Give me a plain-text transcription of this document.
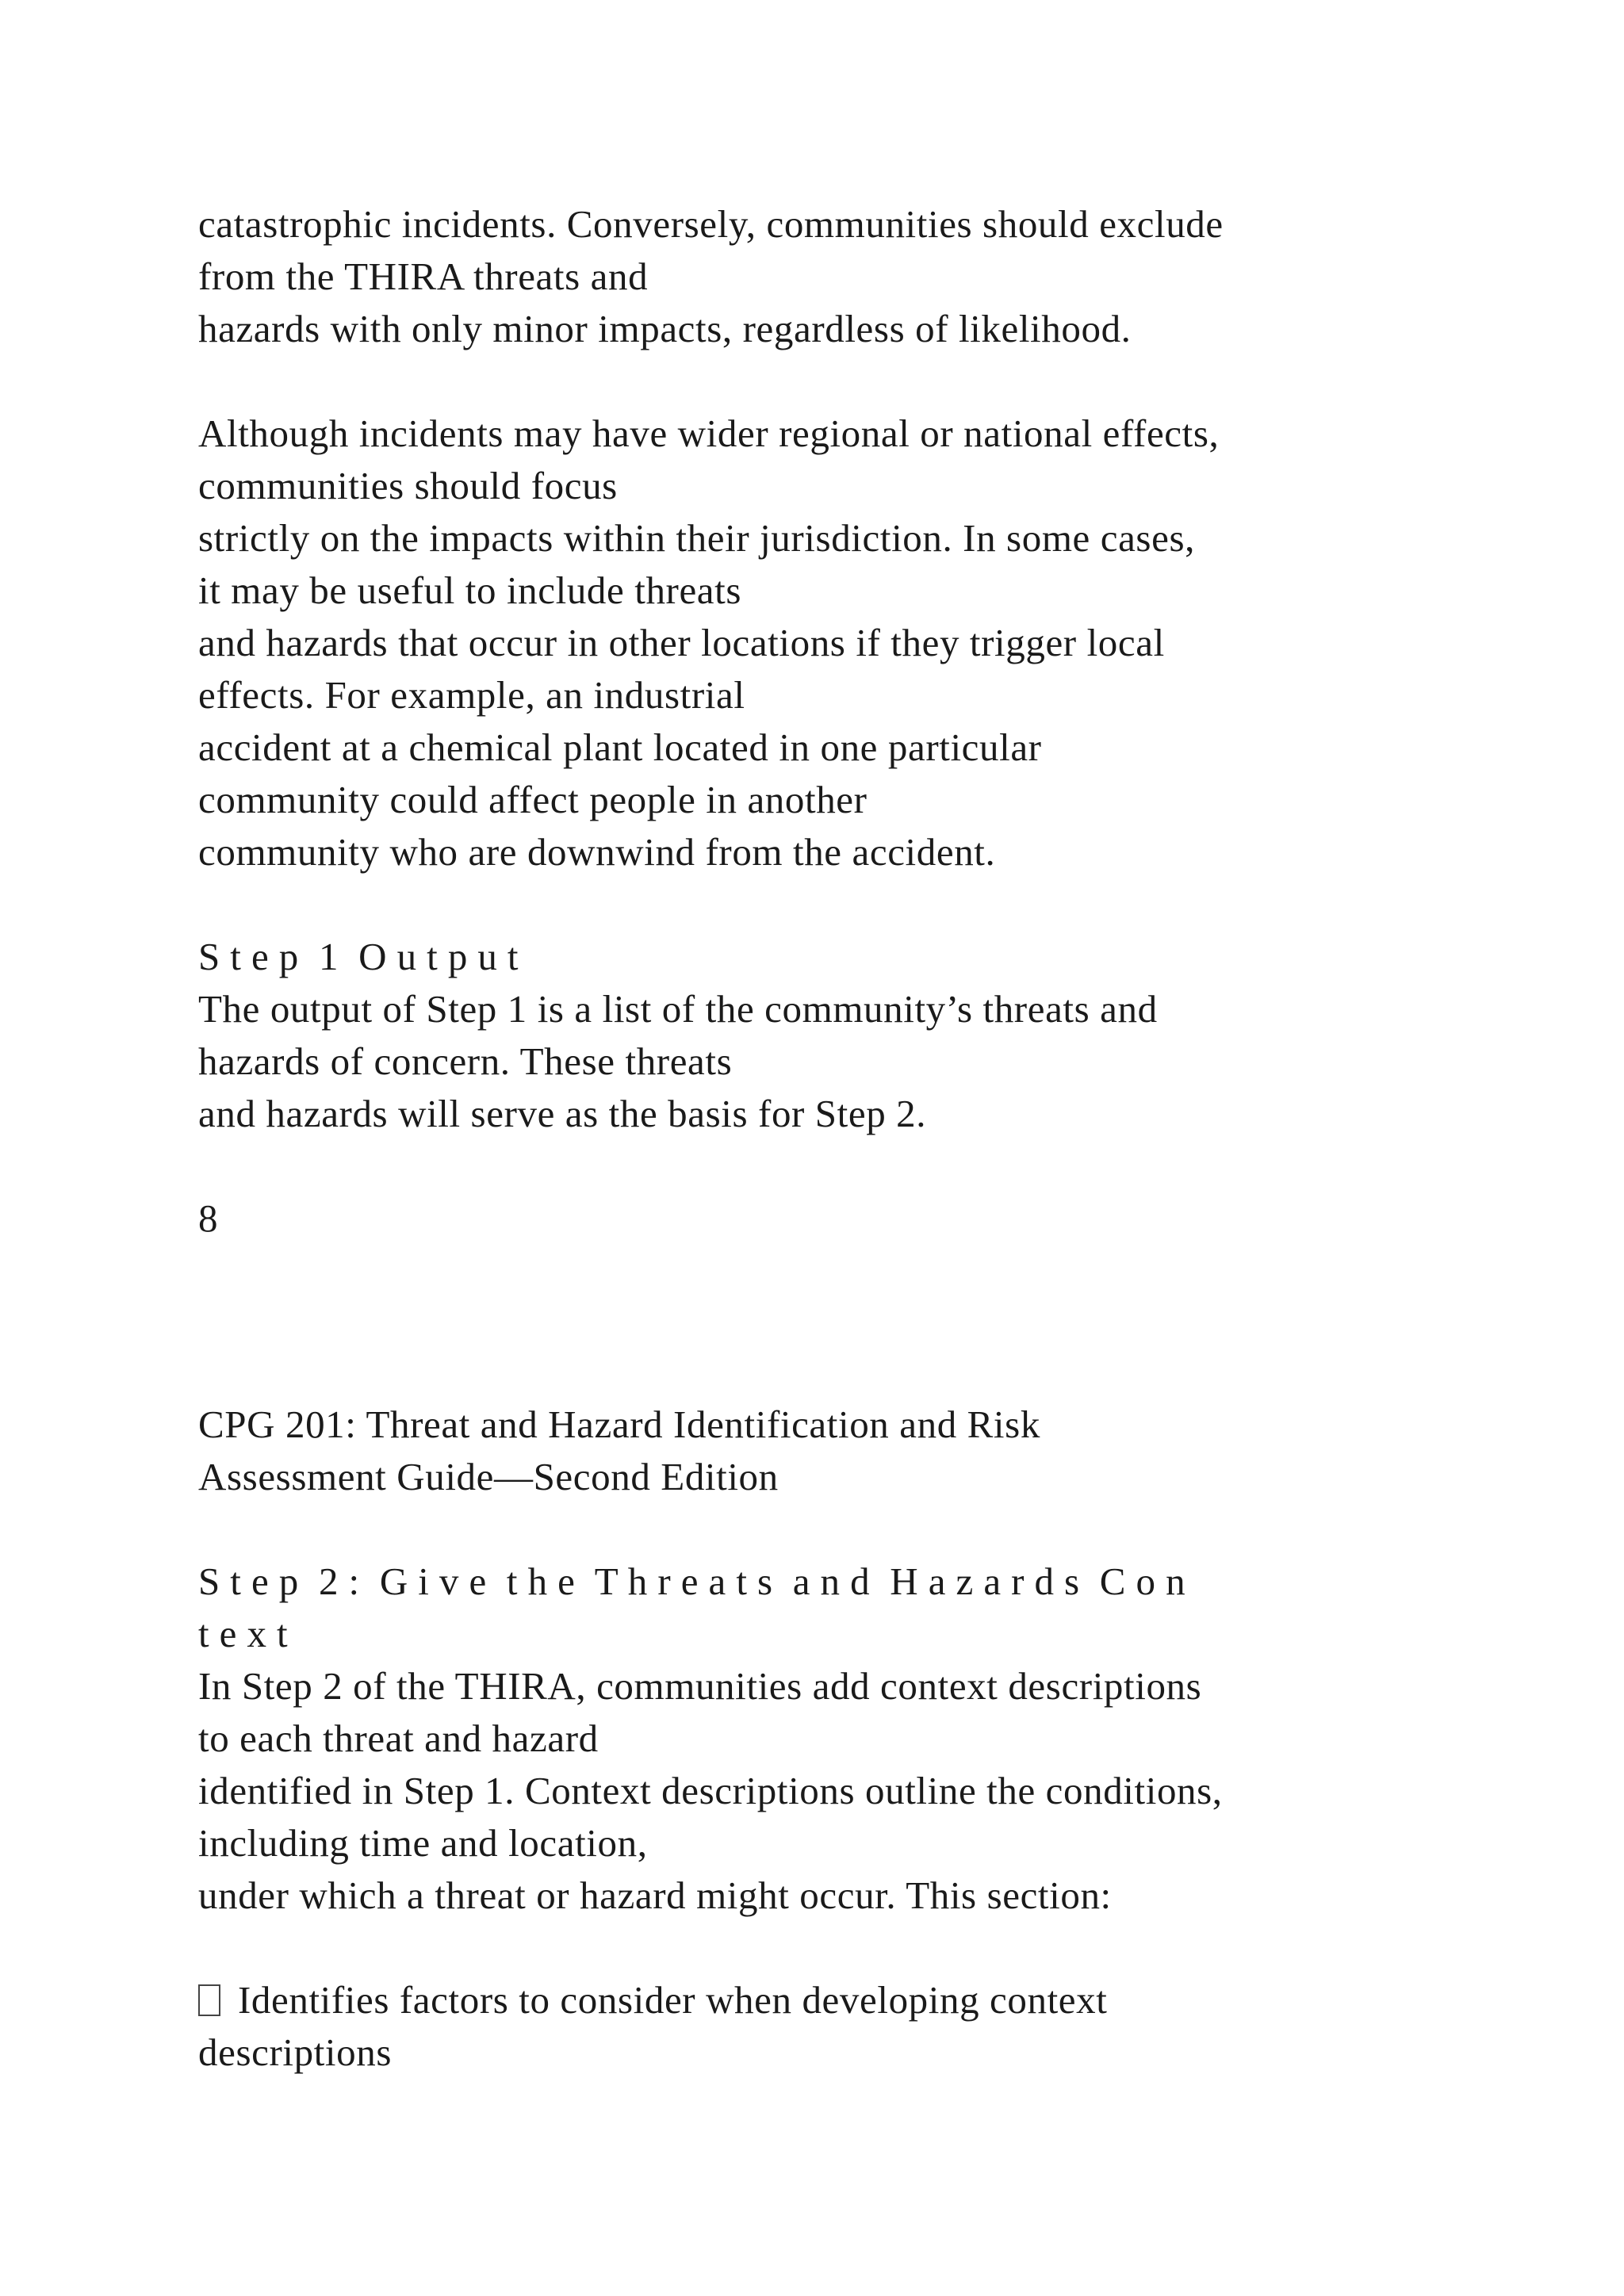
catastrophic incidents. Conversely, communities should exclude
from the THIRA threats and
hazards with only minor impacts, regardless of likelihood.
Although incidents may have wider regional or national effects,
communities should focus
strictly on the impacts within their jurisdiction. In some cases,
it may be useful to include threats
and hazards that occur in other locations if they trigger local
effects. For example, an industrial
accident at a chemical plant located in one particular
community could affect people in another
community who are downwind from the accident.
S t e p  1  O u t p u t
The output of Step 1 is a list of the community’s threats and
hazards of concern. These threats
and hazards will serve as the basis for Step 2.
8
CPG 201: Threat and Hazard Identification and Risk
Assessment Guide—Second Edition
S t e p  2 :  G i v e  t h e  T h r e a t s  a n d  H a z a r d s  C o n
t e x t
In Step 2 of the THIRA, communities add context descriptions
to each threat and hazard
identified in Step 1. Context descriptions outline the conditions,
including time and location,
under which a threat or hazard might occur. This section:
Identifies factors to consider when developing context
descriptions
